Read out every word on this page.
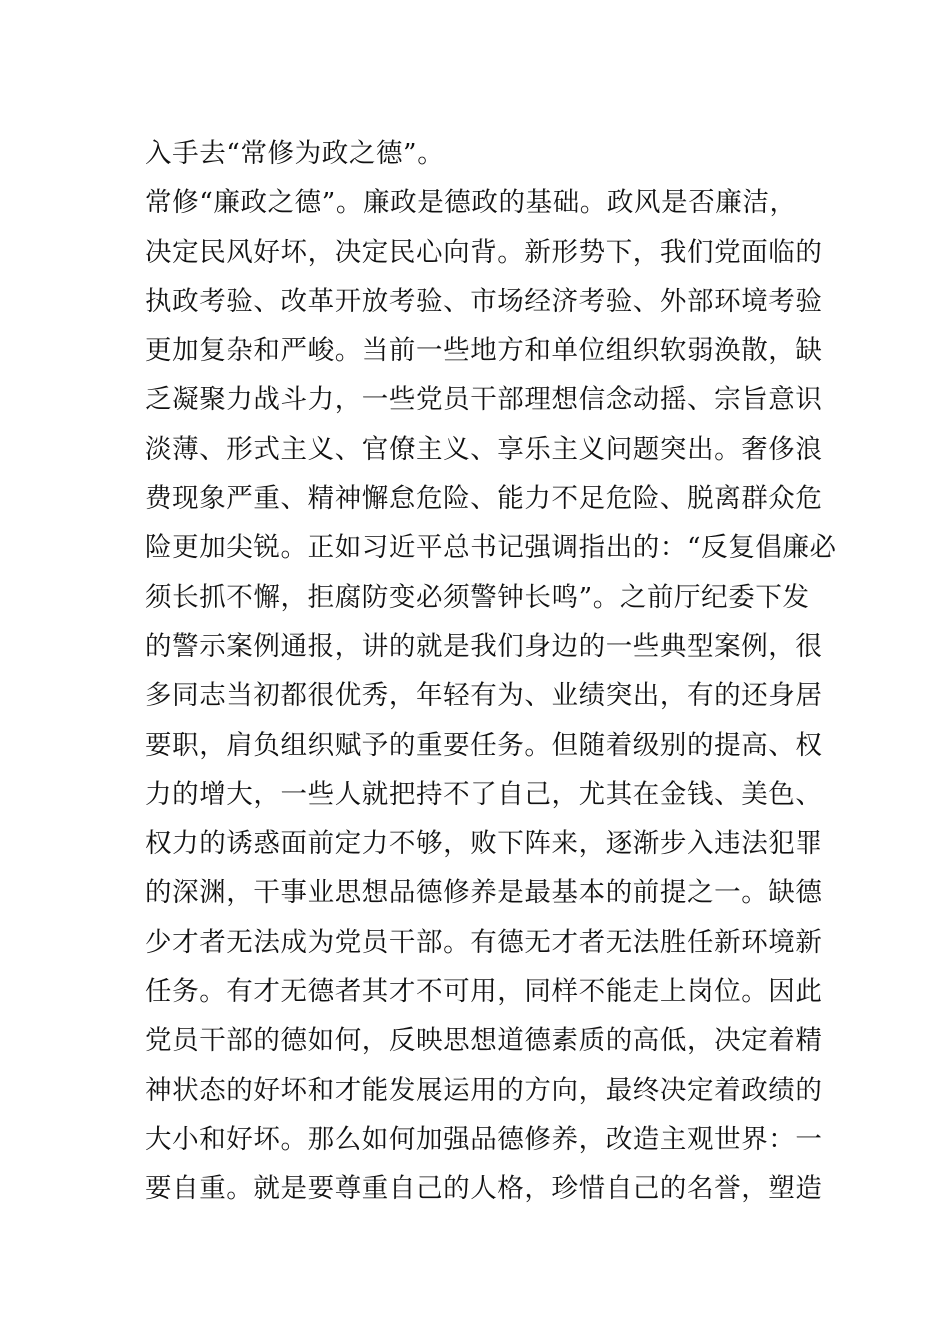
入手去“常修为政之德”。
常修“廉政之德”。廉政是德政的基础。政风是否廉洁，
决定民风好坏，决定民心向背。新形势下，我们党面临的
执政考验、改革开放考验、市场经济考验、外部环境考验
更加复杂和严峻。当前一些地方和单位组织软弱涣散，缺
乏凝聚力战斗力，一些党员干部理想信念动摇、宗旨意识
淡薄、形式主义、官僚主义、享乐主义问题突出。奢侈浪
费现象严重、精神懈怠危险、能力不足危险、脱离群众危
险更加尖锐。正如习近平总书记强调指出的：“反复倡廉必
须长抓不懈，拒腐防变必须警钟长鸣”。之前厅纪委下发
的警示案例通报，讲的就是我们身边的一些典型案例，很
多同志当初都很优秀，年轻有为、业绩突出，有的还身居
要职，肩负组织赋予的重要任务。但随着级别的提高、权
力的增大，一些人就把持不了自己，尤其在金钱、美色、
权力的诱惑面前定力不够，败下阵来，逐渐步入违法犯罪
的深渊，干事业思想品德修养是最基本的前提之一。缺德
少才者无法成为党员干部。有德无才者无法胜任新环境新
任务。有才无德者其才不可用，同样不能走上岗位。因此
党员干部的德如何，反映思想道德素质的高低，决定着精
神状态的好坏和才能发展运用的方向，最终决定着政绩的
大小和好坏。那么如何加强品德修养，改造主观世界：一
要自重。就是要尊重自己的人格，珍惜自己的名誉，塑造
